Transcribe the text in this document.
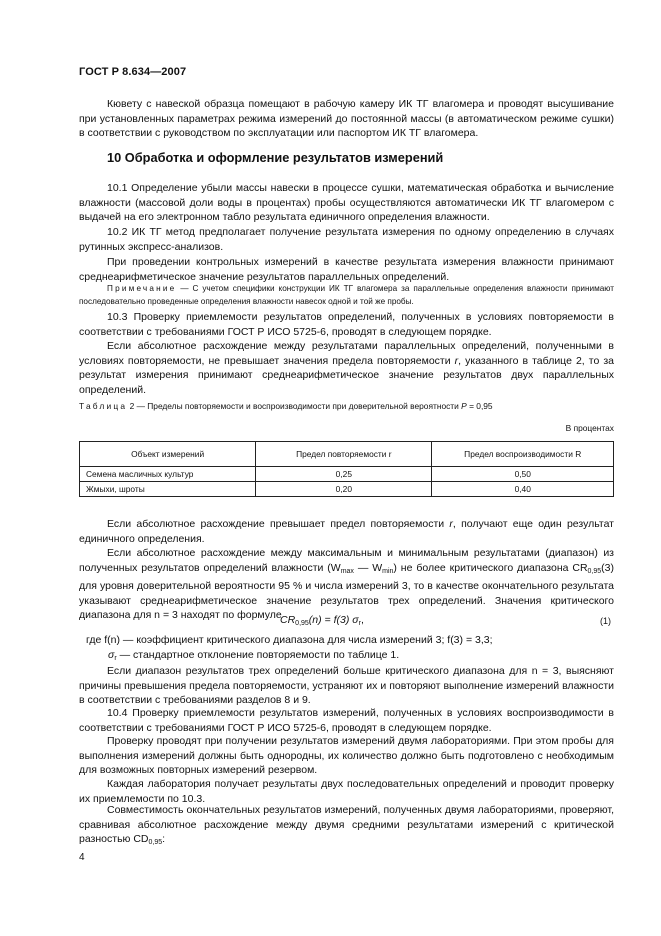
ГОСТ Р 8.634—2007
Кювету с навеской образца помещают в рабочую камеру ИК ТГ влагомера и проводят высушивание при установленных параметрах режима измерений до постоянной массы (в автоматическом режиме сушки) в соответствии с руководством по эксплуатации или паспортом ИК ТГ влагомера.
10 Обработка и оформление результатов измерений
10.1 Определение убыли массы навески в процессе сушки, математическая обработка и вычисление влажности (массовой доли воды в процентах) пробы осуществляются автоматически ИК ТГ влагомером с выдачей на его электронном табло результата единичного определения влажности.
10.2 ИК ТГ метод предполагает получение результата измерения по одному определению в случаях рутинных экспресс-анализов.
При проведении контрольных измерений в качестве результата измерения влажности принимают среднеарифметическое значение результатов параллельных определений.
Примечание — С учетом специфики конструкции ИК ТГ влагомера за параллельные определения влажности принимают последовательно проведенные определения влажности навесок одной и той же пробы.
10.3 Проверку приемлемости результатов определений, полученных в условиях повторяемости в соответствии с требованиями ГОСТ Р ИСО 5725-6, проводят в следующем порядке.
Если абсолютное расхождение между результатами параллельных определений, полученными в условиях повторяемости, не превышает значения предела повторяемости r, указанного в таблице 2, то за результат измерения принимают среднеарифметическое значение результатов двух параллельных определений.
Таблица 2 — Пределы повторяемости и воспроизводимости при доверительной вероятности P = 0,95
В процентах
Объект измерений	Предел повторяемости r	Предел воспроизводимости R
Семена масличных культур	0,25	0,50
Жмыхи, шроты	0,20	0,40
Если абсолютное расхождение превышает предел повторяемости r, получают еще один результат единичного определения.
Если абсолютное расхождение между максимальным и минимальным результатами (диапазон) из полученных результатов определений влажности ($W_{max}$ — $W_{min}$) не более критического диапазона $CR_{0,95}(3)$ для уровня доверительной вероятности 95 % и числа измерений 3, то в качестве окончательного результата указывают среднеарифметическое значение результатов трех определений. Значения критического диапазона для n = 3 находят по формуле
$CR_{0,95}(n) = f(3)$ $\sigma_r$,	(1)
где f(n) — коэффициент критического диапазона для числа измерений 3; f(3) = 3,3;
$\sigma_r$ — стандартное отклонение повторяемости по таблице 1.
Если диапазон результатов трех определений больше критического диапазона для n = 3, выясняют причины превышения предела повторяемости, устраняют их и повторяют выполнение измерений влажности в соответствии с требованиями разделов 8 и 9.
10.4 Проверку приемлемости результатов измерений, полученных в условиях воспроизводимости в соответствии с требованиями ГОСТ Р ИСО 5725-6, проводят в следующем порядке.
Проверку проводят при получении результатов измерений двумя лабораториями. При этом пробы для выполнения измерений должны быть однородны, их количество должно быть подготовлено с необходимым для возможных повторных измерений резервом.
Каждая лаборатория получает результаты двух последовательных определений и проводит проверку их приемлемости по 10.3.
Совместимость окончательных результатов измерений, полученных двумя лабораториями, проверяют, сравнивая абсолютное расхождение между двумя средними результатами измерений с критической разностью $CD_{0,95}$:
4
